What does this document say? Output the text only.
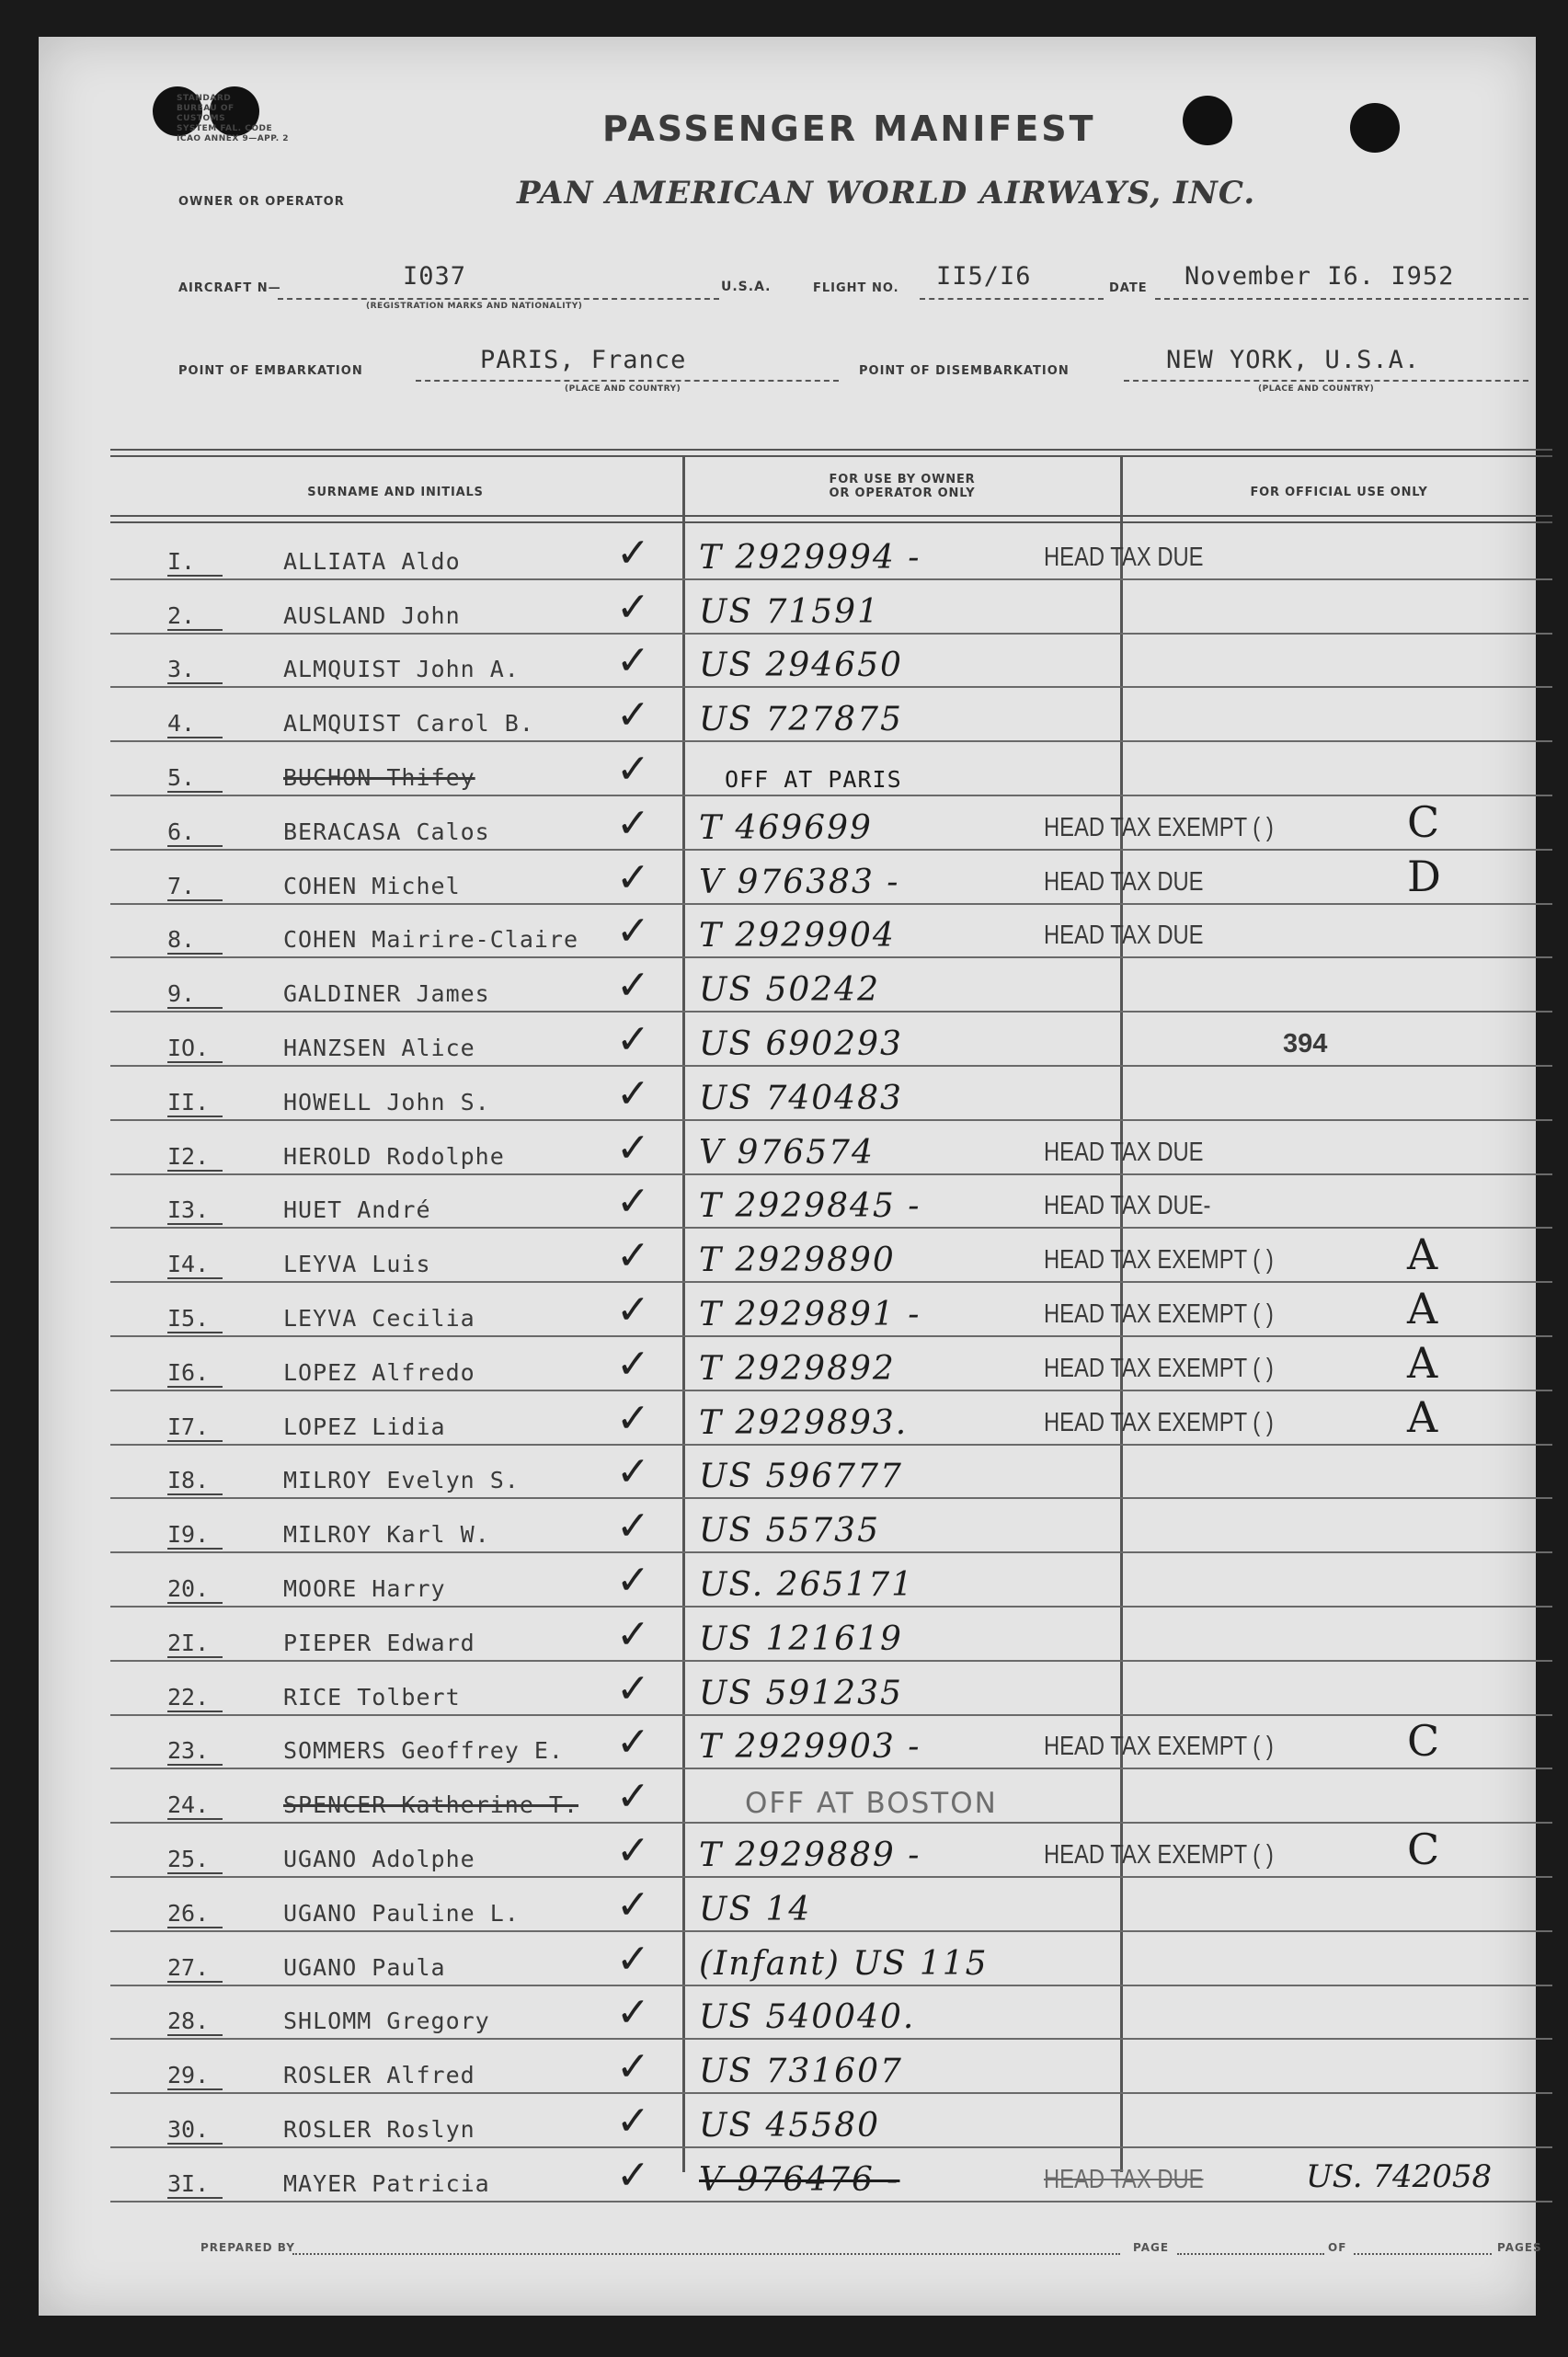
STANDARD
BUREAU OF
CUSTOMS
SYSTEM FAL. CODE
ICAO ANNEX 9—APP. 2	PASSENGER MANIFEST
OWNER OR OPERATOR	PAN AMERICAN WORLD AIRWAYS, INC.
AIRCRAFT N—	I037
(REGISTRATION MARKS AND NATIONALITY)
U.S.A.	FLIGHT NO. II5/I6	DATE November I6. I952
POINT OF EMBARKATION	PARIS, France
(PLACE AND COUNTRY)
POINT OF DISEMBARKATION	NEW YORK, U.S.A.
(PLACE AND COUNTRY)
SURNAME AND INITIALS
FOR USE BY OWNER
OR OPERATOR ONLY	FOR OFFICIAL USE ONLY
I.	ALLIATA Aldo	✓ T 2929994 -	HEAD TAX DUE
2.	AUSLAND John	✓ US 71591
3.	ALMQUIST John A. ✓ US 294650
4.	ALMQUIST Carol B. ✓ US 727875
5.	BUCHON Thifey	✓	OFF AT PARIS
6.	BERACASA Calos	✓ T 469699	HEAD TAX EXEMPT ( )	C
7.	COHEN Michel	✓ V 976383 -	HEAD TAX DUE	D
8.	COHEN Mairire-Claire ✓ T 2929904	HEAD TAX DUE
9.	GALDINER James	✓ US 50242
IO.	HANZSEN Alice	✓ US 690293	394
II.	HOWELL John S.	✓ US 740483
I2.	HEROLD Rodolphe	✓ V 976574	HEAD TAX DUE
I3.	HUET André	✓ T 2929845 -	HEAD TAX DUE-
I4.	LEYVA Luis	✓ T 2929890	HEAD TAX EXEMPT ( )	A
I5.	LEYVA Cecilia	✓ T 2929891 -	HEAD TAX EXEMPT ( )	A
I6.	LOPEZ Alfredo	✓ T 2929892	HEAD TAX EXEMPT ( )	A
I7.	LOPEZ Lidia	✓ T 2929893.	HEAD TAX EXEMPT ( )	A
I8.	MILROY Evelyn S. ✓ US 596777
I9.	MILROY Karl W.	✓ US 55735
20.	MOORE Harry	✓ US. 265171
2I.	PIEPER Edward	✓ US 121619
22.	RICE Tolbert	✓ US 591235
23.	SOMMERS Geoffrey E. ✓ T 2929903 -	HEAD TAX EXEMPT ( )	C
24.	SPENCER Katherine T. ✓	OFF AT BOSTON
25.	UGANO Adolphe	✓ T 2929889 -	HEAD TAX EXEMPT ( )	C
26.	UGANO Pauline L. ✓ US 14
27.	UGANO Paula	✓ (Infant) US 115
28.	SHLOMM Gregory	✓ US 540040.
29.	ROSLER Alfred	✓ US 731607
30.	ROSLER Roslyn	✓ US 45580
3I.	MAYER Patricia	✓ V 976476 -	HEAD TAX DUE	US. 742058
PREPARED BY	PAGE	OF	PAGES
